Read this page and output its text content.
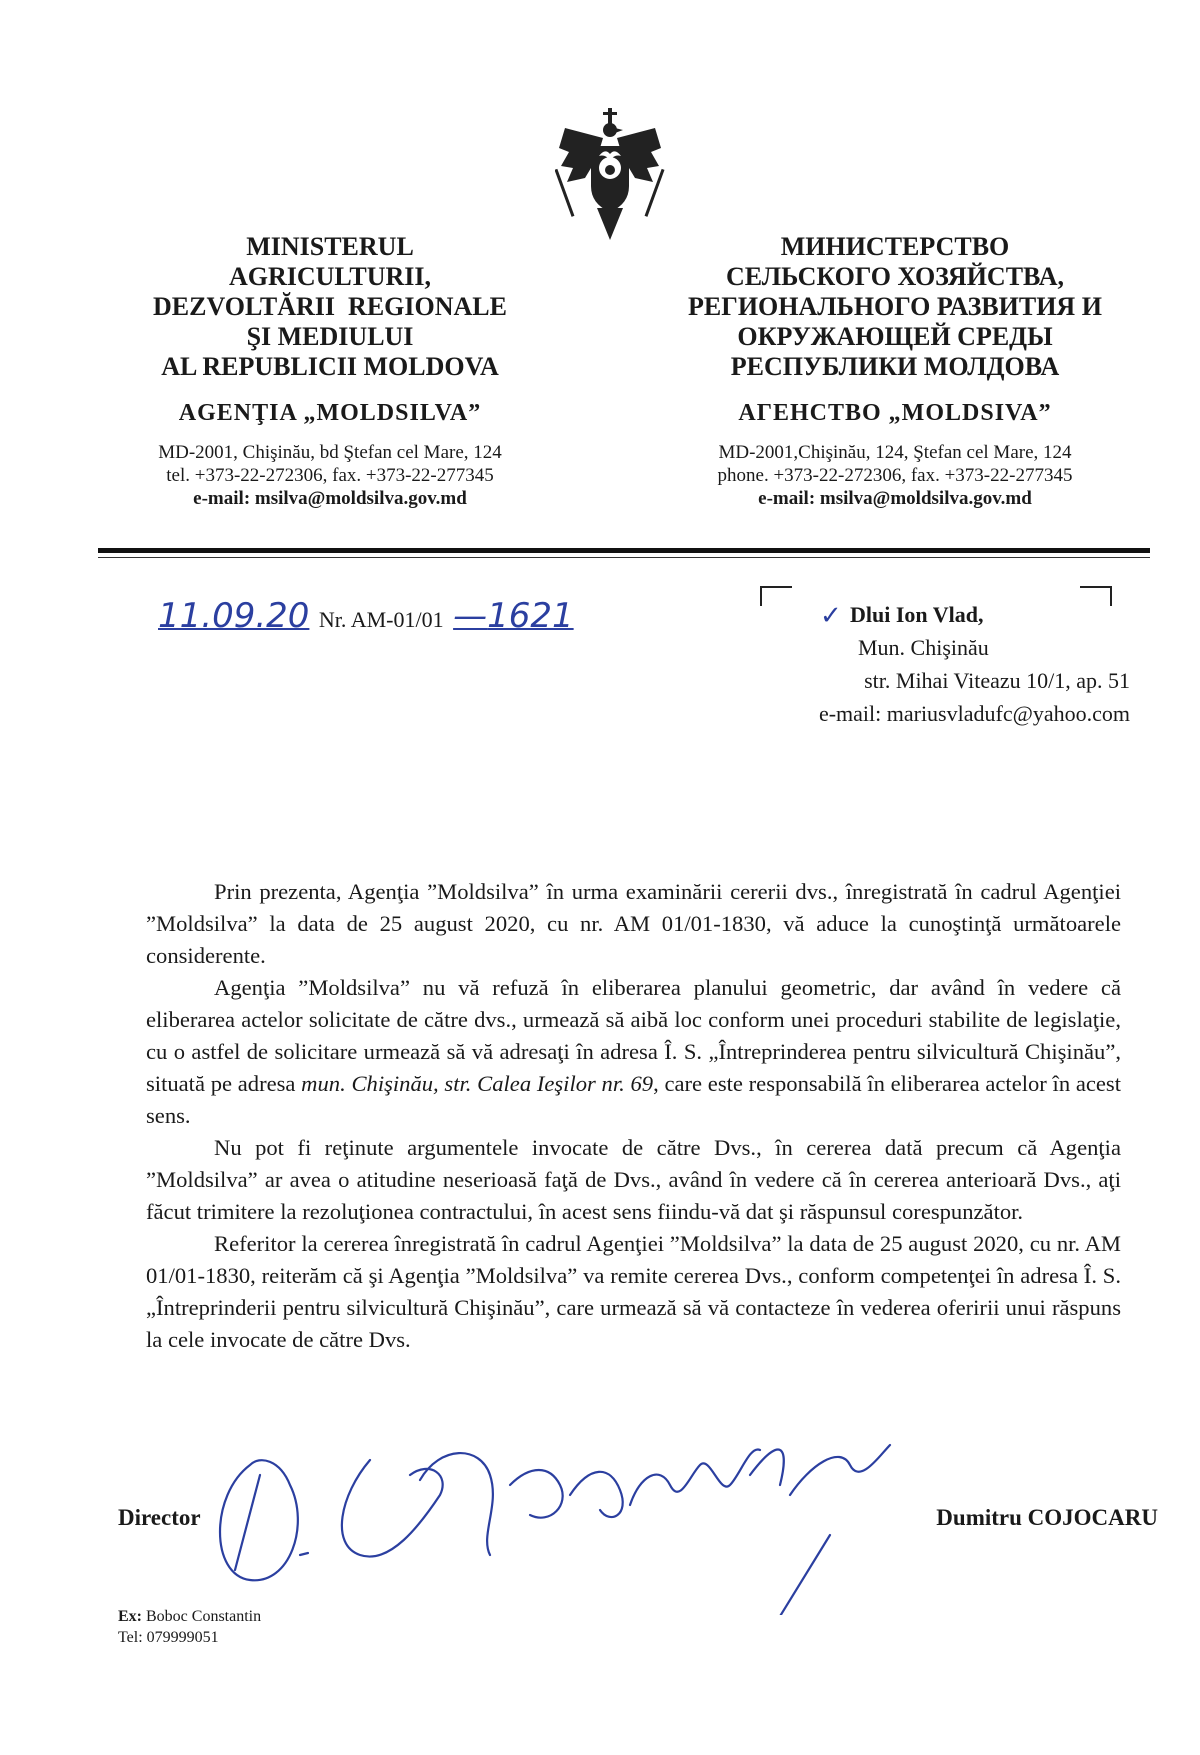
MINISTERUL
AGRICULTURII,
DEZVOLTĂRII  REGIONALE
ŞI MEDIULUI
AL REPUBLICII MOLDOVA
AGENŢIA „MOLDSILVA”
MD-2001, Chişinău, bd Ştefan cel Mare, 124
tel. +373-22-272306, fax. +373-22-277345
e-mail: msilva@moldsilva.gov.md
МИНИСТЕРСТВО
СЕЛЬСКОГО ХОЗЯЙСТВА,
РЕГИОНАЛЬНОГО РАЗВИТИЯ И
ОКРУЖАЮЩЕЙ СРЕДЫ
РЕСПУБЛИКИ МОЛДОВА
АГЕНСТВО „MOLDSIVA”
MD-2001,Chişinău, 124, Ştefan cel Mare, 124
phone. +373-22-272306, fax. +373-22-277345
e-mail: msilva@moldsilva.gov.md
11.09.20 Nr. AM-01/01 —1621	✓ Dlui Ion Vlad,
Mun. Chişinău
str. Mihai Viteazu 10/1, ap. 51
e-mail: mariusvladufc@yahoo.com

Prin prezenta, Agenţia ”Moldsilva” în urma examinării cererii dvs., înregistrată în cadrul Agenţiei ”Moldsilva” la data de 25 august 2020, cu nr. AM 01/01-1830, vă aduce la cunoştinţă următoarele considerente.

Agenţia ”Moldsilva” nu vă refuză în eliberarea planului geometric, dar având în vedere că eliberarea actelor solicitate de către dvs., urmează să aibă loc conform unei proceduri stabilite de legislaţie, cu o astfel de solicitare urmează să vă adresaţi în adresa Î. S. „Întreprinderea pentru silvicultură Chişinău”, situată pe adresa mun. Chişinău, str. Calea Ieşilor nr. 69, care este responsabilă în eliberarea actelor în acest sens.

Nu pot fi reţinute argumentele invocate de către Dvs., în cererea dată precum că Agenţia ”Moldsilva” ar avea o atitudine neserioasă faţă de Dvs., având în vedere că în cererea anterioară Dvs., aţi făcut trimitere la rezoluţionea contractului, în acest sens fiindu-vă dat şi răspunsul corespunzător.

Referitor la cererea înregistrată în cadrul Agenţiei ”Moldsilva” la data de 25 august 2020, cu nr. AM 01/01-1830, reiterăm că şi Agenţia ”Moldsilva” va remite cererea Dvs., conform competenţei în adresa Î. S. „Întreprinderii pentru silvicultură Chişinău”, care urmează să vă contacteze în vederea oferirii unui răspuns la cele invocate de către Dvs.

Director	Dumitru COJOCARU
Ex: Boboc Constantin
Tel: 079999051
